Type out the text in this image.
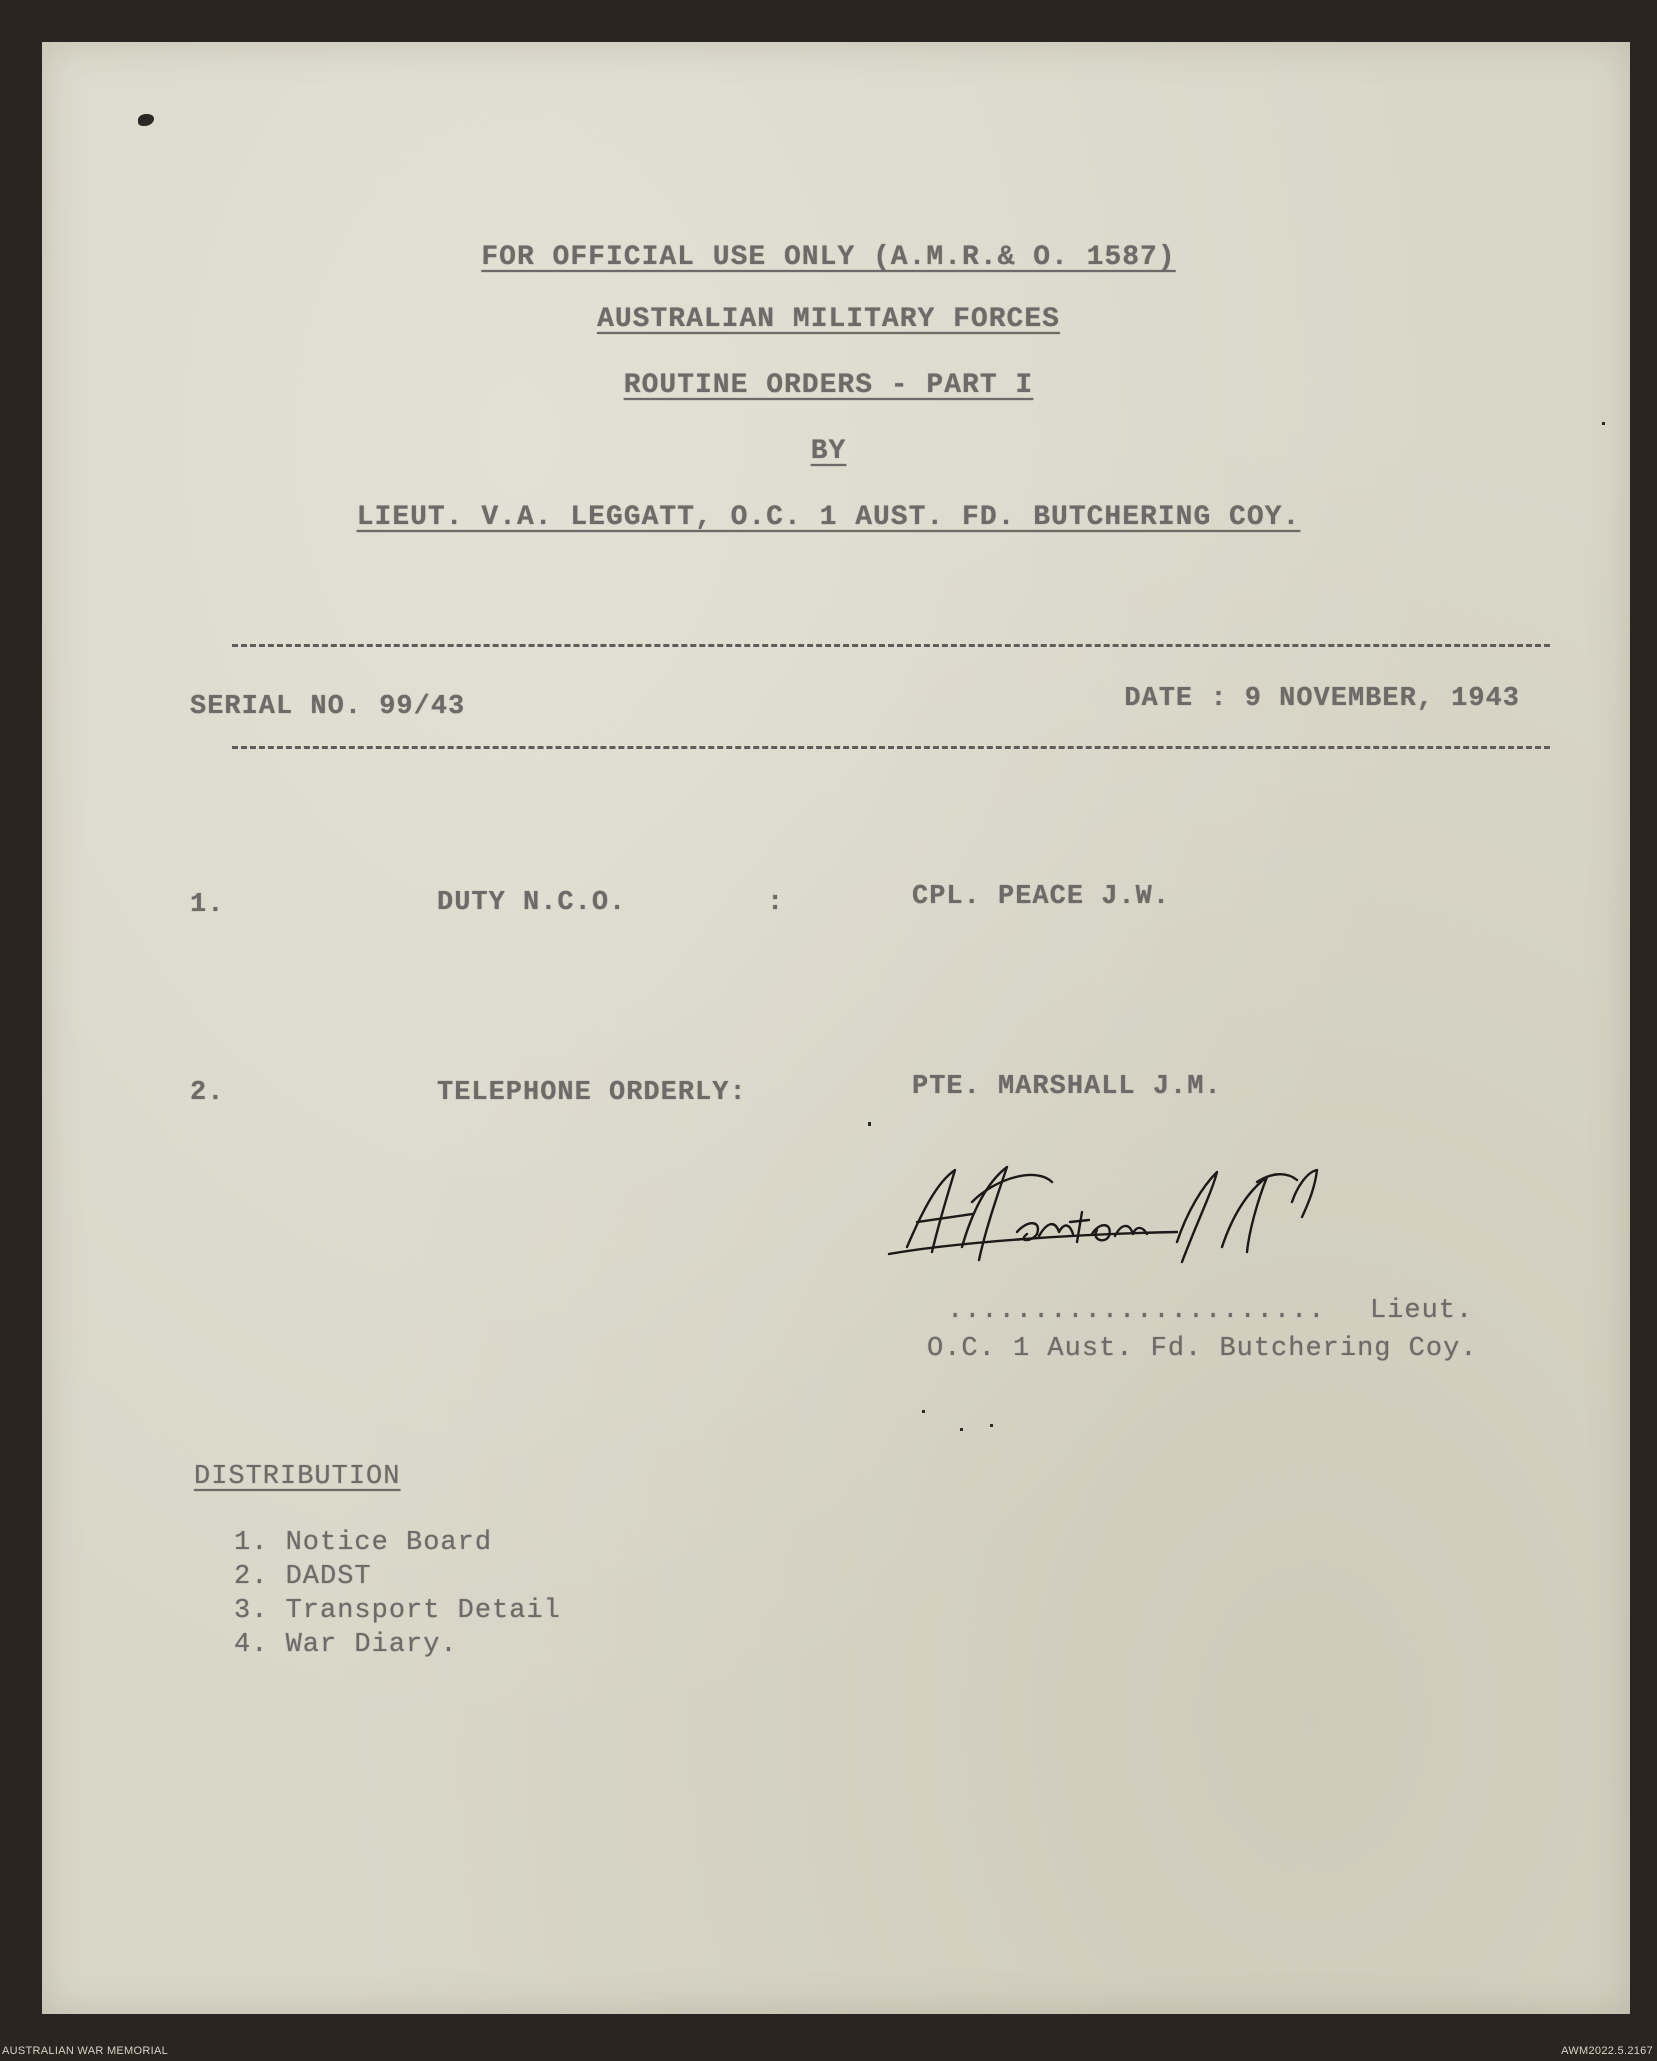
FOR OFFICIAL USE ONLY (A.M.R.& O. 1587)
AUSTRALIAN MILITARY FORCES
ROUTINE ORDERS - PART I
BY
LIEUT. V.A. LEGGATT, O.C. 1 AUST. FD. BUTCHERING COY.
SERIAL NO. 99/43	DATE : 9 NOVEMBER, 1943
1.	DUTY N.C.O.	:	CPL. PEACE J.W.
2.	TELEPHONE ORDERLY:	PTE. MARSHALL J.M.
...................... Lieut.
O.C. 1 Aust. Fd. Butchering Coy.
DISTRIBUTION
1. Notice Board
2. DADST
3. Transport Detail
4. War Diary.
AUSTRALIAN WAR MEMORIAL	AWM2022.5.2167
